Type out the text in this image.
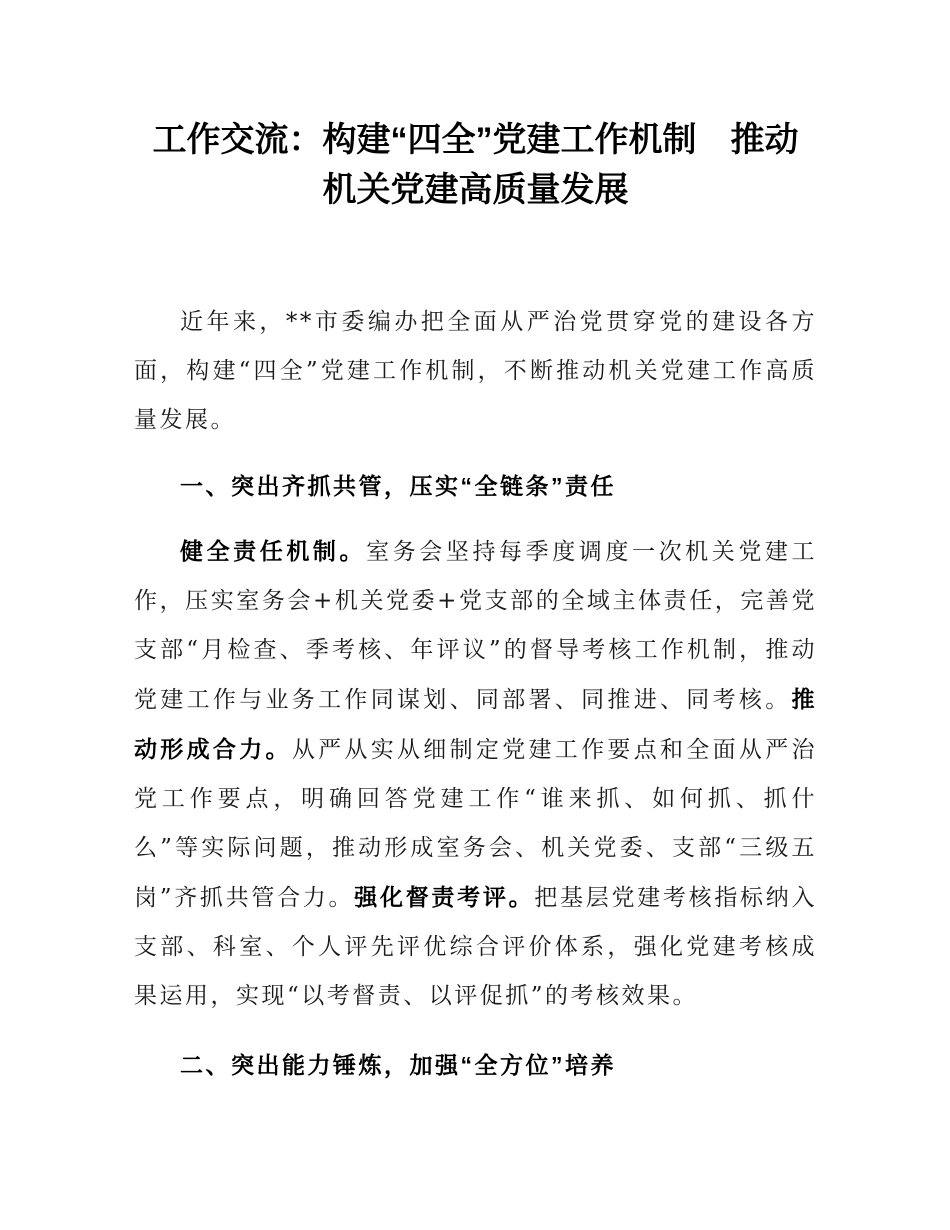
工作交流：构建“四全”党建工作机制　推动
机关党建高质量发展

近年来，**市委编办把全面从严治党贯穿党的建设各方面，构建“四全”党建工作机制，不断推动机关党建工作高质量发展。

一、突出齐抓共管，压实“全链条”责任

健全责任机制。室务会坚持每季度调度一次机关党建工作，压实室务会+机关党委+党支部的全域主体责任，完善党支部“月检查、季考核、年评议”的督导考核工作机制，推动党建工作与业务工作同谋划、同部署、同推进、同考核。推动形成合力。从严从实从细制定党建工作要点和全面从严治党工作要点，明确回答党建工作“谁来抓、如何抓、抓什么”等实际问题，推动形成室务会、机关党委、支部“三级五岗”齐抓共管合力。强化督责考评。把基层党建考核指标纳入支部、科室、个人评先评优综合评价体系，强化党建考核成果运用，实现“以考督责、以评促抓”的考核效果。

二、突出能力锤炼，加强“全方位”培养
